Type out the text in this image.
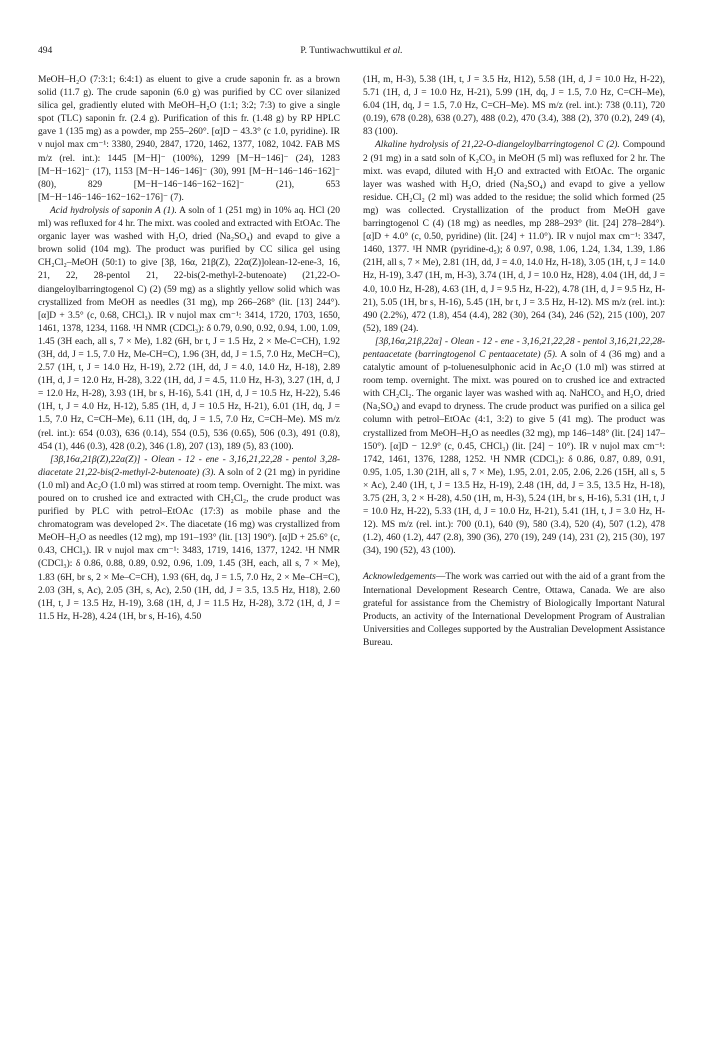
494	P. Tuntiwachwuttikul et al.

MeOH–H₂O (7:3:1; 6:4:1) as eluent to give a crude saponin fr. as a brown solid (11.7 g). The crude saponin (6.0 g) was purified by CC over silanized silica gel, gradiently eluted with MeOH–H₂O (1:1; 3:2; 7:3) to give a single spot (TLC) saponin fr. (2.4 g). Purification of this fr. (1.48 g) by RP HPLC gave 1 (135 mg) as a powder, mp 255–260°. [α]D − 43.3° (c 1.0, pyridine). IR ν nujol max cm⁻¹: 3380, 2940, 2847, 1720, 1462, 1377, 1082, 1042. FAB MS m/z (rel. int.): 1445 [M−H]⁻ (100%), 1299 [M−H−146]⁻ (24), 1283 [M−H−162]⁻ (17), 1153 [M−H−146−146]⁻ (30), 991 [M−H−146−146−162]⁻ (80), 829 [M−H−146−146−162−162]⁻ (21), 653 [M−H−146−146−162−162−176]⁻ (7).

Acid hydrolysis of saponin A (1). A soln of 1 (251 mg) in 10% aq. HCl (20 ml) was refluxed for 4 hr. The mixt. was cooled and extracted with EtOAc. The organic layer was washed with H₂O, dried (Na₂SO₄) and evapd to give a brown solid (104 mg). The product was purified by CC silica gel using CH₂Cl₂–MeOH (50:1) to give [3β, 16α, 21β(Z), 22α(Z)]olean-12-ene-3, 16, 21, 22, 28-pentol 21, 22-bis(2-methyl-2-butenoate) (21,22-O-diangeloylbarringtogenol C) (2) (59 mg) as a slightly yellow solid which was crystallized from MeOH as needles (31 mg), mp 266–268° (lit. [13] 244°). [α]D + 3.5° (c, 0.68, CHCl₃). IR ν nujol max cm⁻¹: 3414, 1720, 1703, 1650, 1461, 1378, 1234, 1168. ¹H NMR (CDCl₃): δ 0.79, 0.90, 0.92, 0.94, 1.00, 1.09, 1.45 (3H each, all s, 7 × Me), 1.82 (6H, br t, J = 1.5 Hz, 2 × Me-C=CH), 1.92 (3H, dd, J = 1.5, 7.0 Hz, Me-CH=C), 1.96 (3H, dd, J = 1.5, 7.0 Hz, MeCH=C), 2.57 (1H, t, J = 14.0 Hz, H-19), 2.72 (1H, dd, J = 4.0, 14.0 Hz, H-18), 2.89 (1H, d, J = 12.0 Hz, H-28), 3.22 (1H, dd, J = 4.5, 11.0 Hz, H-3), 3.27 (1H, d, J = 12.0 Hz, H-28), 3.93 (1H, br s, H-16), 5.41 (1H, d, J = 10.5 Hz, H-22), 5.46 (1H, t, J = 4.0 Hz, H-12), 5.85 (1H, d, J = 10.5 Hz, H-21), 6.01 (1H, dq, J = 1.5, 7.0 Hz, C=CH–Me), 6.11 (1H, dq, J = 1.5, 7.0 Hz, C=CH–Me). MS m/z (rel. int.): 654 (0.03), 636 (0.14), 554 (0.5), 536 (0.65), 506 (0.3), 491 (0.8), 454 (1), 446 (0.3), 428 (0.2), 346 (1.8), 207 (13), 189 (5), 83 (100).

[3β,16α,21β(Z),22α(Z)] - Olean - 12 - ene - 3,16,21,22,28 - pentol 3,28-diacetate 21,22-bis(2-methyl-2-butenoate) (3). A soln of 2 (21 mg) in pyridine (1.0 ml) and Ac₂O (1.0 ml) was stirred at room temp. Overnight. The mixt. was poured on to crushed ice and extracted with CH₂Cl₂, the crude product was purified by PLC with petrol–EtOAc (17:3) as mobile phase and the chromatogram was developed 2×. The diacetate (16 mg) was crystallized from MeOH–H₂O as needles (12 mg), mp 191–193° (lit. [13] 190°). [α]D + 25.6° (c, 0.43, CHCl₃). IR ν nujol max cm⁻¹: 3483, 1719, 1416, 1377, 1242. ¹H NMR (CDCl₃): δ 0.86, 0.88, 0.89, 0.92, 0.96, 1.09, 1.45 (3H, each, all s, 7 × Me), 1.83 (6H, br s, 2 × Me–C=CH), 1.93 (6H, dq, J = 1.5, 7.0 Hz, 2 × Me–CH=C), 2.03 (3H, s, Ac), 2.05 (3H, s, Ac), 2.50 (1H, dd, J = 3.5, 13.5 Hz, H18), 2.60 (1H, t, J = 13.5 Hz, H-19), 3.68 (1H, d, J = 11.5 Hz, H-28), 3.72 (1H, d, J = 11.5 Hz, H-28), 4.24 (1H, br s, H-16), 4.50

(1H, m, H-3), 5.38 (1H, t, J = 3.5 Hz, H12), 5.58 (1H, d, J = 10.0 Hz, H-22), 5.71 (1H, d, J = 10.0 Hz, H-21), 5.99 (1H, dq, J = 1.5, 7.0 Hz, C=CH–Me), 6.04 (1H, dq, J = 1.5, 7.0 Hz, C=CH–Me). MS m/z (rel. int.): 738 (0.11), 720 (0.19), 678 (0.28), 638 (0.27), 488 (0.2), 470 (3.4), 388 (2), 370 (0.2), 249 (4), 83 (100).

Alkaline hydrolysis of 21,22-O-diangeloylbarringtogenol C (2). Compound 2 (91 mg) in a satd soln of K₂CO₃ in MeOH (5 ml) was refluxed for 2 hr. The mixt. was evapd, diluted with H₂O and extracted with EtOAc. The organic layer was washed with H₂O, dried (Na₂SO₄) and evapd to give a yellow residue. CH₂Cl₂ (2 ml) was added to the residue; the solid which formed (25 mg) was collected. Crystallization of the product from MeOH gave barringtogenol C (4) (18 mg) as needles, mp 288–293° (lit. [24] 278–284°). [α]D + 4.0° (c, 0.50, pyridine) (lit. [24] + 11.0°). IR ν nujol max cm⁻¹: 3347, 1460, 1377. ¹H NMR (pyridine-d₅); δ 0.97, 0.98, 1.06, 1.24, 1.34, 1.39, 1.86 (21H, all s, 7 × Me), 2.81 (1H, dd, J = 4.0, 14.0 Hz, H-18), 3.05 (1H, t, J = 14.0 Hz, H-19), 3.47 (1H, m, H-3), 3.74 (1H, d, J = 10.0 Hz, H28), 4.04 (1H, dd, J = 4.0, 10.0 Hz, H-28), 4.63 (1H, d, J = 9.5 Hz, H-22), 4.78 (1H, d, J = 9.5 Hz, H-21), 5.05 (1H, br s, H-16), 5.45 (1H, br t, J = 3.5 Hz, H-12). MS m/z (rel. int.): 490 (2.2%), 472 (1.8), 454 (4.4), 282 (30), 264 (34), 246 (52), 215 (100), 207 (52), 189 (24).

[3β,16α,21β,22α] - Olean - 12 - ene - 3,16,21,22,28 - pentol 3,16,21,22,28-pentaacetate (barringtogenol C pentaacetate) (5). A soln of 4 (36 mg) and a catalytic amount of p-toluenesulphonic acid in Ac₂O (1.0 ml) was stirred at room temp. overnight. The mixt. was poured on to crushed ice and extracted with CH₂Cl₂. The organic layer was washed with aq. NaHCO₃ and H₂O, dried (Na₂SO₄) and evapd to dryness. The crude product was purified on a silica gel column with petrol–EtOAc (4:1, 3:2) to give 5 (41 mg). The product was crystallized from MeOH–H₂O as needles (32 mg), mp 146–148° (lit. [24] 147–150°). [α]D − 12.9° (c, 0.45, CHCl₃) (lit. [24] − 10°). IR ν nujol max cm⁻¹: 1742, 1461, 1376, 1288, 1252. ¹H NMR (CDCl₃): δ 0.86, 0.87, 0.89, 0.91, 0.95, 1.05, 1.30 (21H, all s, 7 × Me), 1.95, 2.01, 2.05, 2.06, 2.26 (15H, all s, 5 × Ac), 2.40 (1H, t, J = 13.5 Hz, H-19), 2.48 (1H, dd, J = 3.5, 13.5 Hz, H-18), 3.75 (2H, 3, 2 × H-28), 4.50 (1H, m, H-3), 5.24 (1H, br s, H-16), 5.31 (1H, t, J = 10.0 Hz, H-22), 5.33 (1H, d, J = 10.0 Hz, H-21), 5.41 (1H, t, J = 3.0 Hz, H-12). MS m/z (rel. int.): 700 (0.1), 640 (9), 580 (3.4), 520 (4), 507 (1.2), 478 (1.2), 460 (1.2), 447 (2.8), 390 (36), 270 (19), 249 (14), 231 (2), 215 (30), 197 (34), 190 (52), 43 (100).

Acknowledgements—The work was carried out with the aid of a grant from the International Development Research Centre, Ottawa, Canada. We are also grateful for assistance from the Chemistry of Biologically Important Natural Products, an activity of the International Development Program of Australian Universities and Colleges supported by the Australian Development Assistance Bureau.
